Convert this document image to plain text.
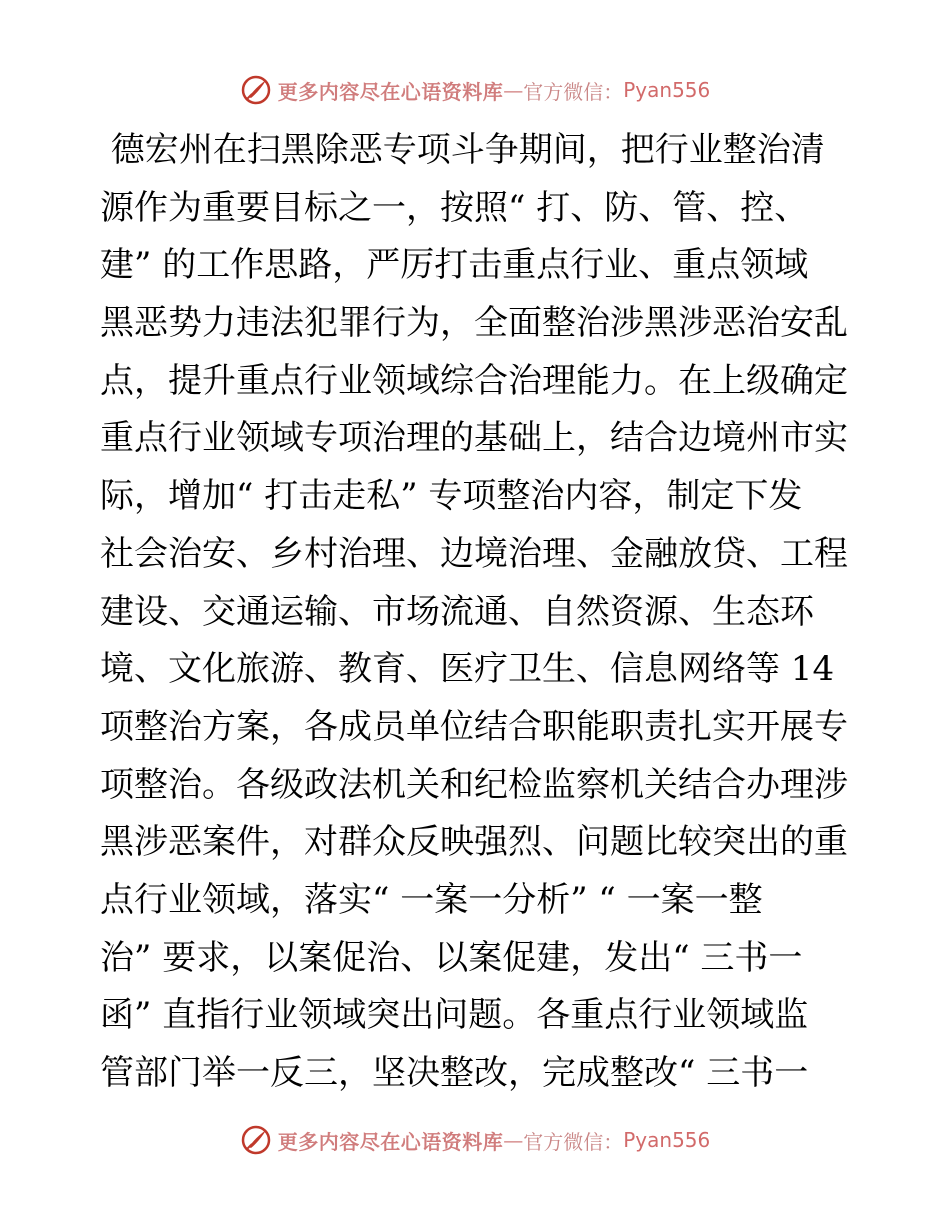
更多内容尽在心语资料库 — 官方微信： Pyan556
德宏州在扫黑除恶专项斗争期间，把行业整治清
源作为重要目标之一，按照“ 打、防、管、控、
建” 的工作思路，严厉打击重点行业、重点领域
黑恶势力违法犯罪行为，全面整治涉黑涉恶治安乱
点，提升重点行业领域综合治理能力。在上级确定
重点行业领域专项治理的基础上，结合边境州市实
际，增加“ 打击走私” 专项整治内容，制定下发
社会治安、乡村治理、边境治理、金融放贷、工程
建设、交通运输、市场流通、自然资源、生态环
境、文化旅游、教育、医疗卫生、信息网络等 14
项整治方案，各成员单位结合职能职责扎实开展专
项整治。各级政法机关和纪检监察机关结合办理涉
黑涉恶案件，对群众反映强烈、问题比较突出的重
点行业领域，落实“ 一案一分析” “ 一案一整
治” 要求，以案促治、以案促建，发出“ 三书一
函” 直指行业领域突出问题。各重点行业领域监
管部门举一反三，坚决整改，完成整改“ 三书一
更多内容尽在心语资料库 — 官方微信： Pyan556
